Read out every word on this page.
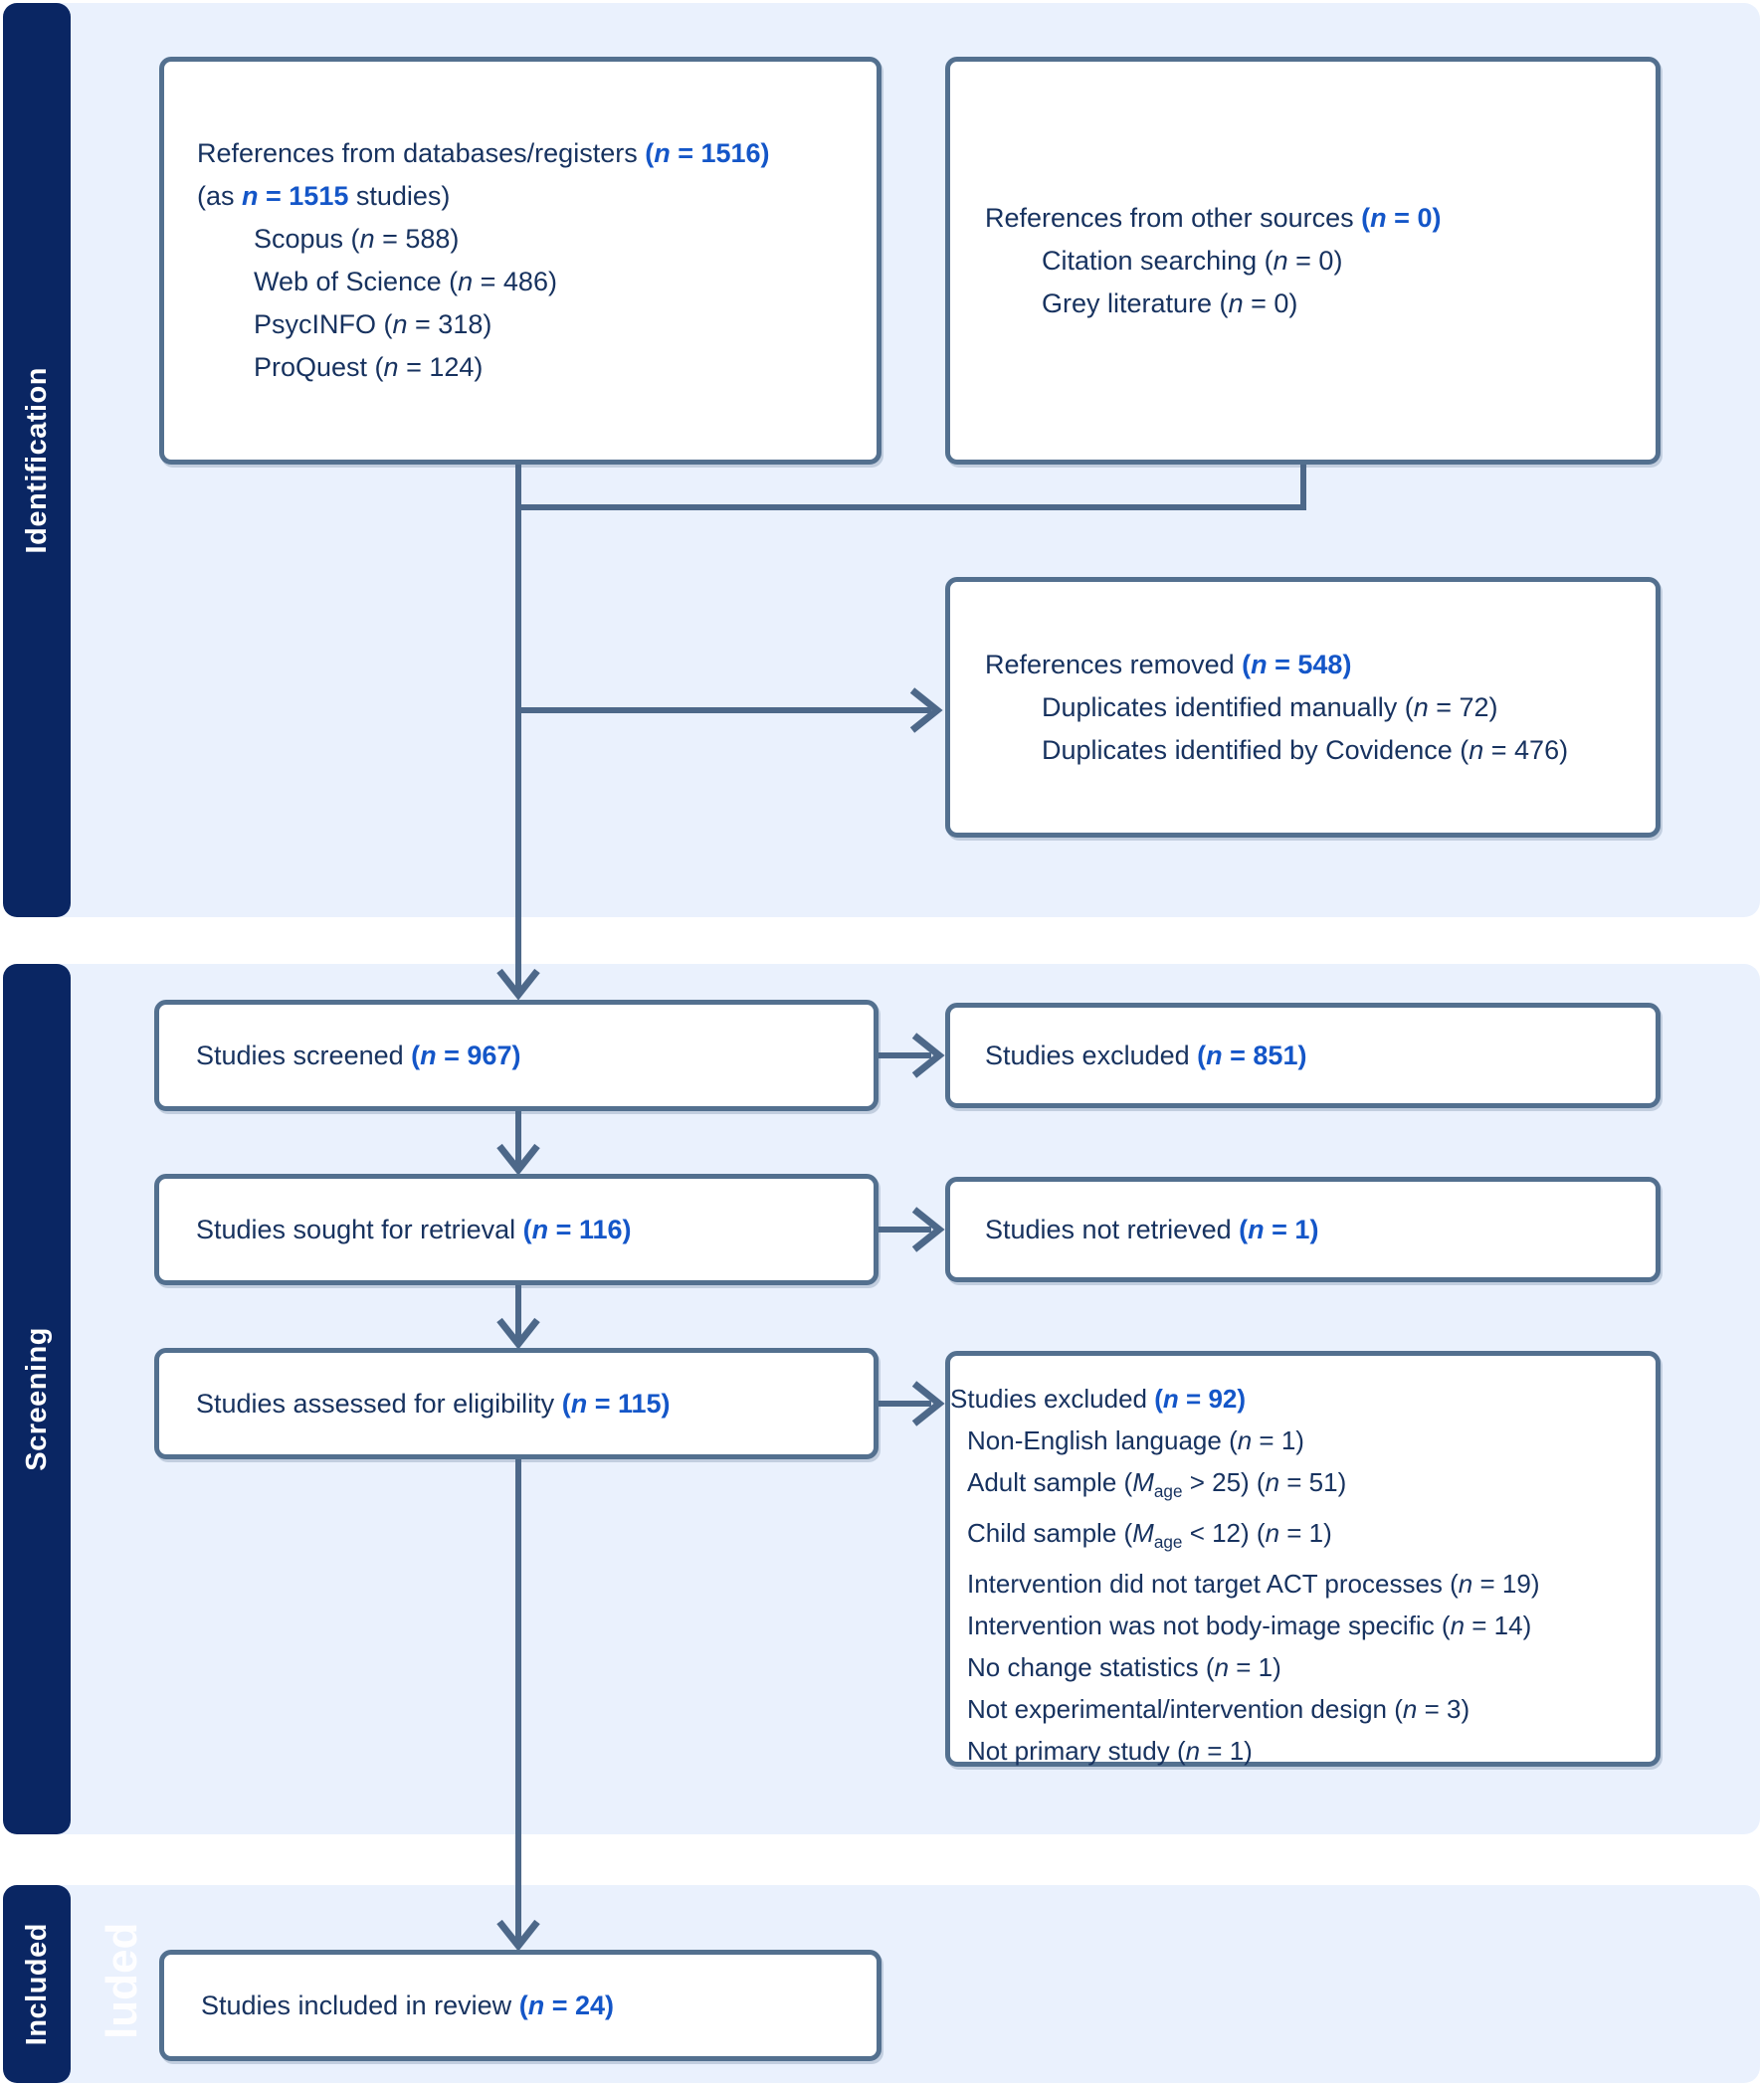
luded
Identification
Screening
Included
References from databases/registers (n = 1516)
(as n = 1515 studies)
Scopus (n = 588)
Web of Science (n = 486)
PsycINFO (n = 318)
ProQuest (n = 124)
References from other sources (n = 0)
Citation searching (n = 0)
Grey literature (n = 0)
References removed (n = 548)
Duplicates identified manually (n = 72)
Duplicates identified by Covidence (n = 476)
Studies screened (n = 967)	Studies excluded (n = 851)
Studies sought for retrieval (n = 116)	Studies not retrieved (n = 1)
Studies assessed for eligibility (n = 115)	Studies excluded (n = 92)
Non-English language (n = 1)
Adult sample $(M_{age} > 25) (n = 51)$
Child sample $(M_{age} < 12) (n = 1)$
Intervention did not target ACT processes (n = 19)
Intervention was not body-image specific (n = 14)
No change statistics (n = 1)
Not experimental/intervention design (n = 3)
Not primary study (n = 1)
Studies included in review (n = 24)
